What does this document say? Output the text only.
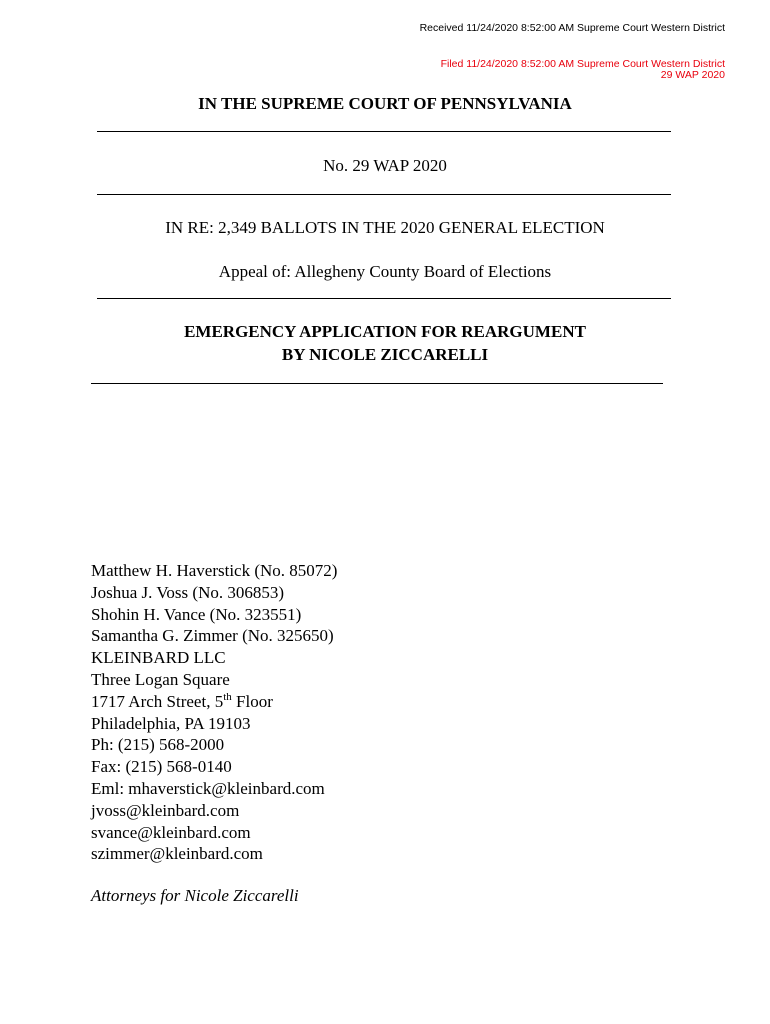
Received 11/24/2020 8:52:00 AM Supreme Court Western District
Filed 11/24/2020 8:52:00 AM Supreme Court Western District
29 WAP 2020
IN THE SUPREME COURT OF PENNSYLVANIA
No. 29 WAP 2020
IN RE: 2,349 BALLOTS IN THE 2020 GENERAL ELECTION
Appeal of: Allegheny County Board of Elections
EMERGENCY APPLICATION FOR REARGUMENT
BY NICOLE ZICCARELLI
Matthew H. Haverstick (No. 85072)
Joshua J. Voss (No. 306853)
Shohin H. Vance (No. 323551)
Samantha G. Zimmer (No. 325650)
KLEINBARD LLC
Three Logan Square
1717 Arch Street, 5th Floor
Philadelphia, PA 19103
Ph: (215) 568-2000
Fax: (215) 568-0140
Eml: mhaverstick@kleinbard.com
jvoss@kleinbard.com
svance@kleinbard.com
szimmer@kleinbard.com
Attorneys for Nicole Ziccarelli
